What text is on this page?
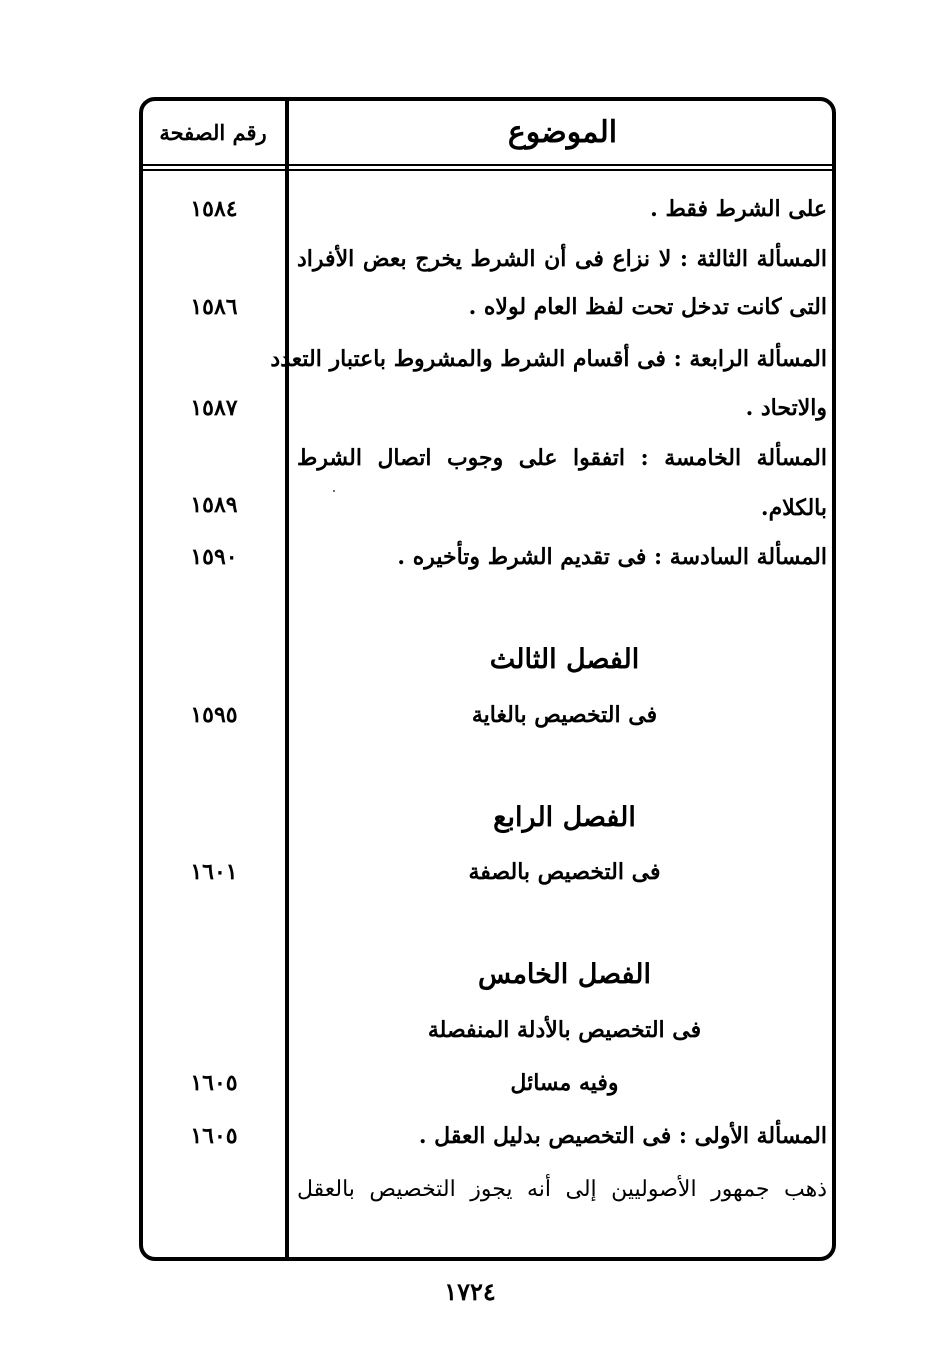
الموضوع
رقم الصفحة
على الشرط فقط .
المسألة الثالثة : لا نزاع فى أن الشرط يخرج بعض الأفراد
التى كانت تدخل تحت لفظ العام لولاه .
المسألة الرابعة : فى أقسام الشرط والمشروط باعتبار التعدد
والاتحاد .
المسألة الخامسة : اتفقوا على وجوب اتصال الشرط
بالكلام.
المسألة السادسة : فى تقديم الشرط وتأخيره .
الفصل الثالث
فى التخصيص بالغاية
الفصل الرابع
فى التخصيص بالصفة
الفصل الخامس
فى التخصيص بالأدلة المنفصلة
وفيه مسائل
المسألة الأولى : فى التخصيص بدليل العقل .
ذهب جمهور الأصوليين إلى أنه يجوز التخصيص بالعقل
١٥٨٤
١٥٨٦
١٥٨٧
١٥٨٩
١٥٩٠
١٥٩٥
١٦٠١
١٦٠٥
١٦٠٥
١٧٢٤
